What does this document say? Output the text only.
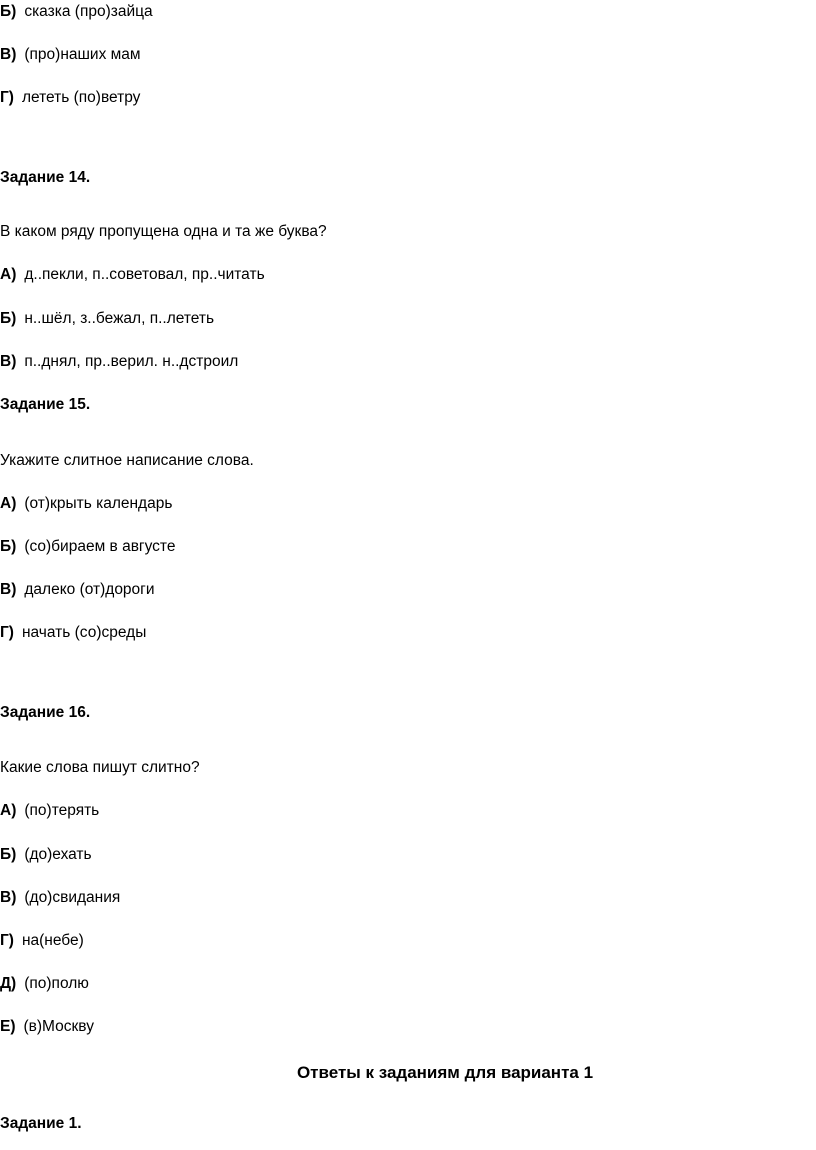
Б) сказка (про)зайца
В) (про)наших мам
Г) лететь (по)ветру
Задание 14.
В каком ряду пропущена одна и та же буква?
А) д..пекли, п..советовал, пр..читать
Б) н..шёл, з..бежал, п..лететь
В) п..днял, пр..верил. н..дстроил
Задание 15.
Укажите слитное написание слова.
А) (от)крыть календарь
Б) (со)бираем в августе
В) далеко (от)дороги
Г) начать (со)среды
Задание 16.
Какие слова пишут слитно?
А) (по)терять
Б) (до)ехать
В) (до)свидания
Г) на(небе)
Д) (по)полю
Е) (в)Москву
Ответы к заданиям для варианта 1
Задание 1.
